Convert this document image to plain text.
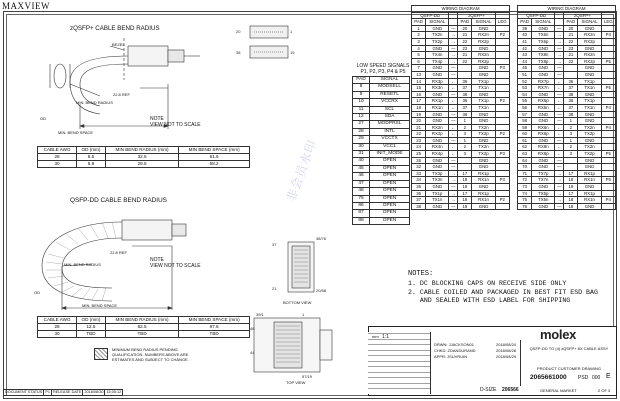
MAXVIEW
zQSFP+ CABLE BEND RADIUS
BEZEL
22.8 REF
MIN. BEND RADIUS
OD
MIN. BEND SPACE
NOTE
VIEW NOT TO SCALE
CABLE AWG	OD (mm)	MIN BEND RADIUS (mm)	MIN BEND SPACE (mm)
28	6.5	32.5	61.6
30	5.9	29.5	58.2
20	1
38	19
QSFP-DD CABLE BEND RADIUS
22.8 REF
MIN. BEND RADIUS
OD
MIN. BEND SPACE
NOTE
VIEW NOT TO SCALE
CABLE AWG	OD (mm)	MIN BEND RADIUS (mm)	MIN BEND SPACE (mm)
28	12.5	62.5	97.6
30	TBD	TBD	TBD
MINIMUM BEND RADIUS PENDING
QUALIFICATION. NUMBERS ABOVE ARE
ESTIMATES AND SUBJECT TO CHANGE.
LOW SPEED SIGNALS
P1, P2, P3, P4 & P5
PAD	SIGNAL
8	MODSELL
9	RESETL
10	VCCRX
11	SCL
12	SDA
27	MODPRSL
28	INTL
29	VCCTX
30	VCC1
31	INIT_MODE
40	OPEN
45	OPEN
46	OPEN
47	OPEN
48	OPEN
75	OPEN
86	OPEN
87	OPEN
88	OPEN
WIRING DIAGRAM					
QSFP-DD			zQSFP+		
PAD	SIGNAL		PAD	SIGNAL	LEG
1	GND	—	20	GND	
2	TX2n	→	21	RX2n	P2
3	TX2p	→	22	RX2p	
4	GND	—	23	GND	
5	TX4n	→	21	RX2n	
6	TX4p	→	22	RX2p	
7	GND	—		GND	P3
13	GND	—		GND	
14	RX3p	←	36	TX1p	
15	RX3n	←	37	TX1n	
16	GND	—	38	GND	
17	RX1p	←	36	TX1p	P2
18	RX1n	←	37	TX1n	
19	GND	—	38	GND	
20	GND	—	1	GND	
21	RX2n	←	2	TX2n	
22	RX2p	←	3	TX2p	P2
23	GND	—	1	GND	
24	RX4n	←	2	TX2n	
25	RX4p	←	3	TX2p	P3
26	GND	—		GND	
32	GND	—		GND	
33	TX3p	→	17	RX1p	
34	TX3n	→	18	RX1n	P3
35	GND	—	19	GND	
36	TX1p	→	17	RX1p	
37	TX1n	→	18	RX1n	P2
38	GND	—	19	GND	
WIRING DIAGRAM					
QSFP-DD			zQSFP+		
PAD	SIGNAL		PAD	SIGNAL	LEG
39	GND	—	20	GND	
40	TX6n	→	21	RX2n	P4
41	TX6p	→	22	RX2p	
42	GND	—	23	GND	
43	TX8n	→	21	RX2n	
44	TX8p	→	22	RX2p	P5
45	GND	—		GND	
51	GND	—		GND	
52	RX7p	←	36	TX1p	
53	RX7n	←	37	TX1n	P5
54	GND	—	38	GND	
55	RX5p	←	36	TX1p	
56	RX5n	←	37	TX1n	P4
57	GND	—	38	GND	
58	GND	—	1	GND	
59	RX6n	←	2	TX2n	P4
60	RX6p	←	3	TX2p	
61	GND	—	1	GND	
62	RX8n	←	2	TX2n	
63	RX8p	←	3	TX2p	P5
64	GND	—		GND	
70	GND	—		GND	
71	TX7p	→	17	RX1p	
72	TX7n	→	18	RX1n	P5
73	GND	—	19	GND	
74	TX5p	→	17	RX1p	
75	TX5n	→	18	RX1n	P4
76	GND	—	19	GND	
非会员水印
37
38/76
21	20/58
BOTTOM VIEW
39/1	1
48
44
57/19
TOP VIEW
NOTES:
1. DC BLOCKING CAPS ON RECEIVE SIDE ONLY
2. CABLE COILED AND PACKAGED IN BEST FIT ESD BAG
AND SEALED WITH ESD LABEL FOR SHIPPING
mm 1:1
DRWN: JJACKSON01	2018/08/24
CHKD: ZDANDURAND	2018/08/28
APPR: JSUVRUIN	2018/08/29
D-SIZE 206566
molex
QSFP-DD TO (4) zQSFP+ 8X CABLE ASSY
PRODUCT CUSTOMER DRAWING
2065661000 PSD 000 E
GENERAL MARKET	2 OF 3
DOCUMENT STATUS	P1	RELEASE DATE	2018/08/30	15:05:12
